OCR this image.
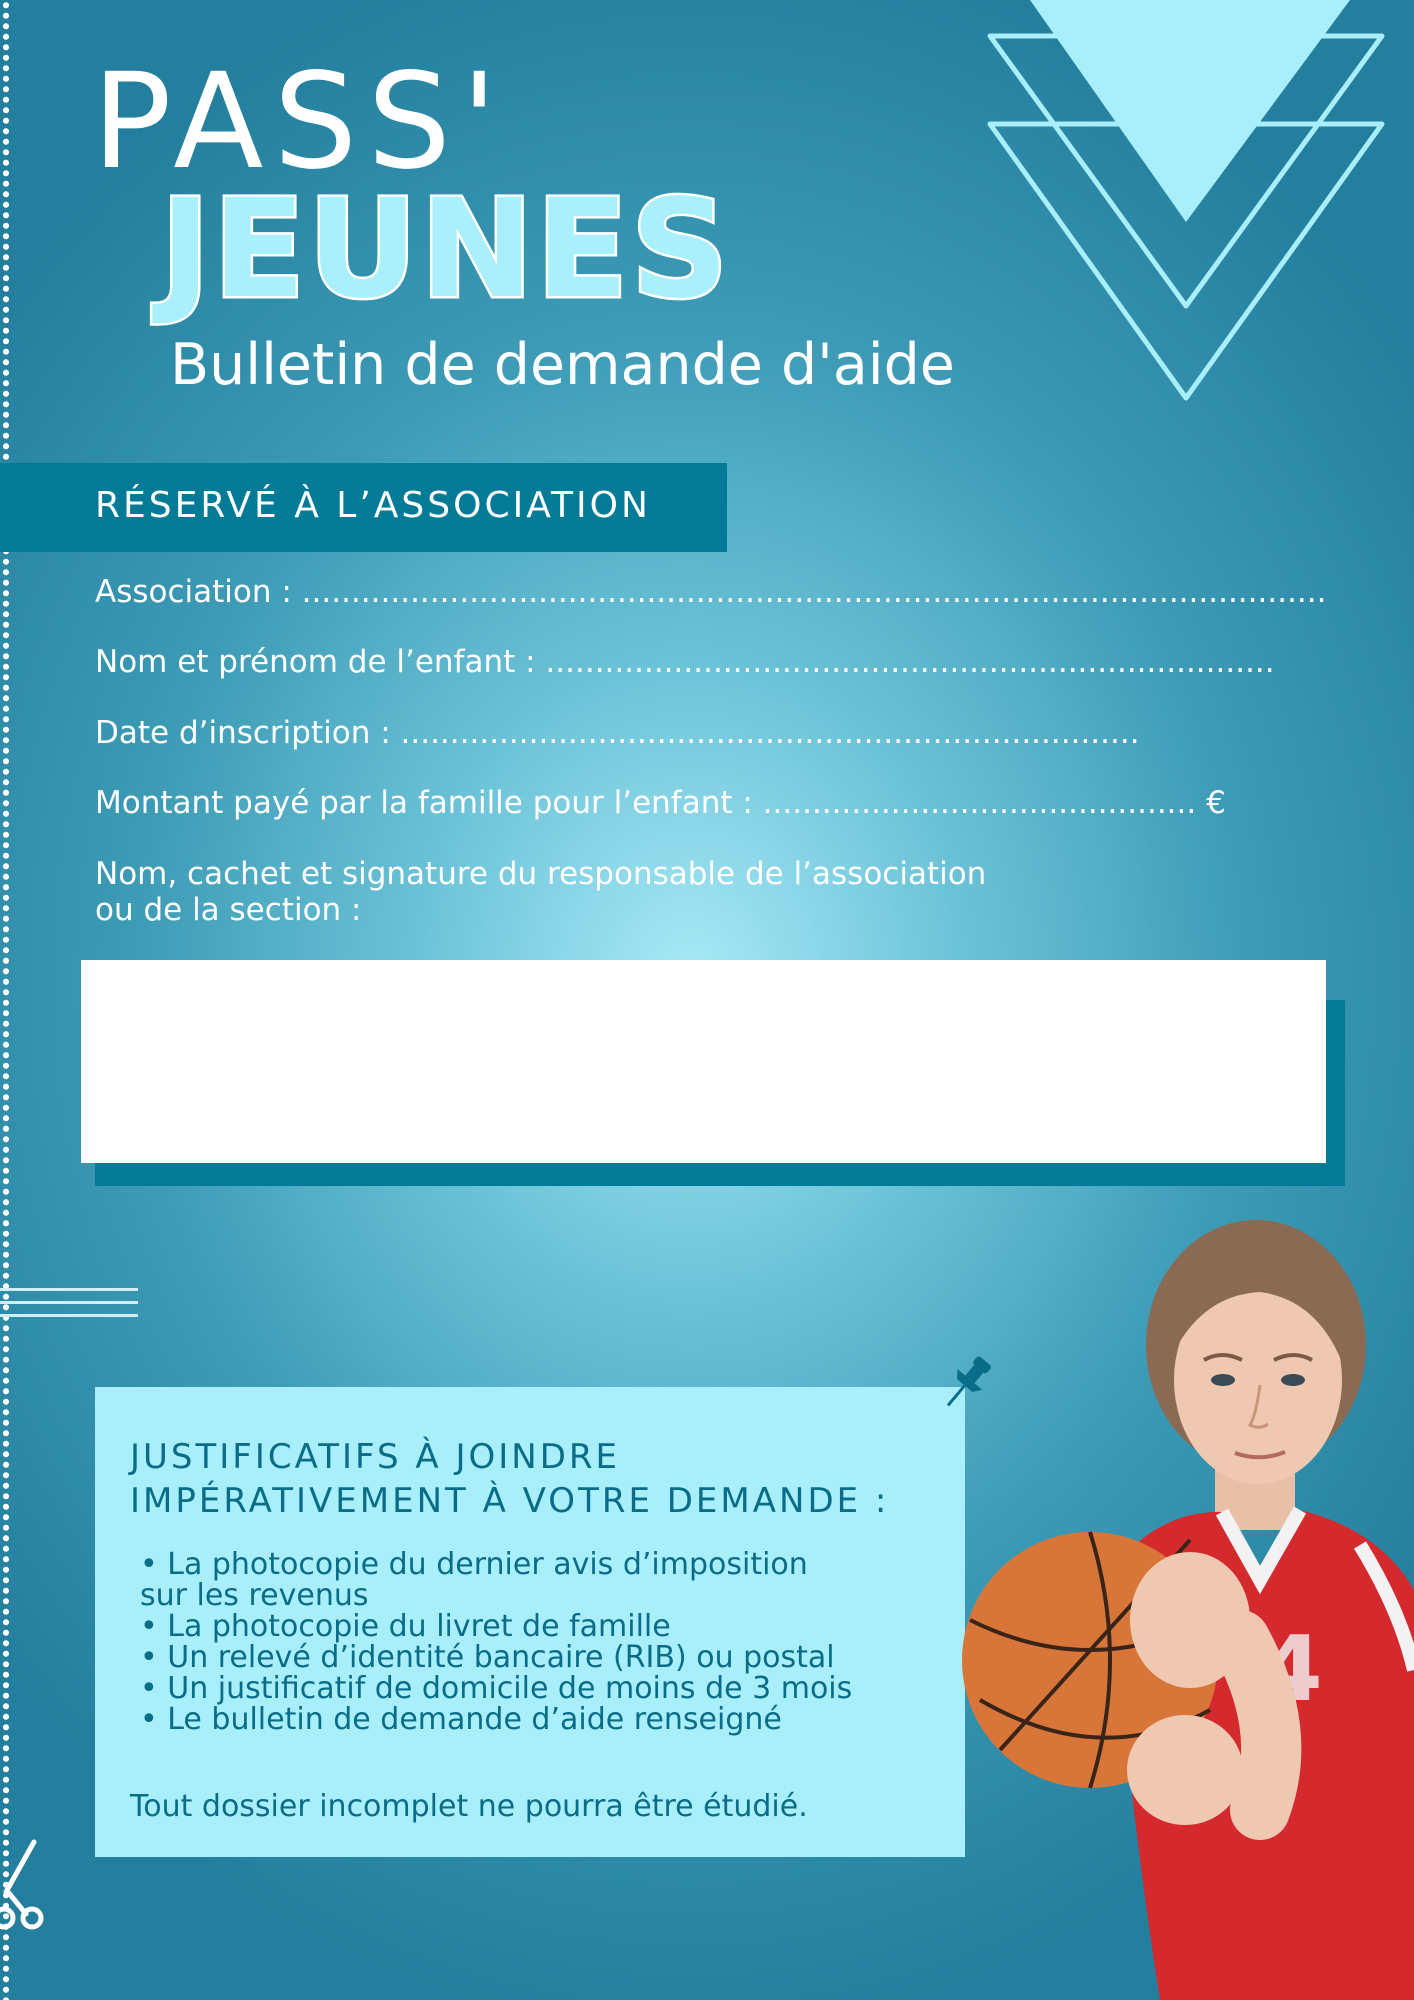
PASS'
JEUNES
Bulletin de demande d'aide
RÉSERVÉ À L’ASSOCIATION
Association : ........................................................................................................
Nom et prénom de l’enfant : ..........................................................................
Date d’inscription : ...........................................................................
Montant payé par la famille pour l’enfant : ............................................ €
Nom, cachet et signature du responsable de l’association
ou de la section :
JUSTIFICATIFS À JOINDRE
IMPÉRATIVEMENT À VOTRE DEMANDE :
• La photocopie du dernier avis d’imposition
sur les revenus
• La photocopie du livret de famille
• Un relevé d’identité bancaire (RIB) ou postal
• Un justificatif de domicile de moins de 3 mois
• Le bulletin de demande d’aide renseigné
Tout dossier incomplet ne pourra être étudié.
4
